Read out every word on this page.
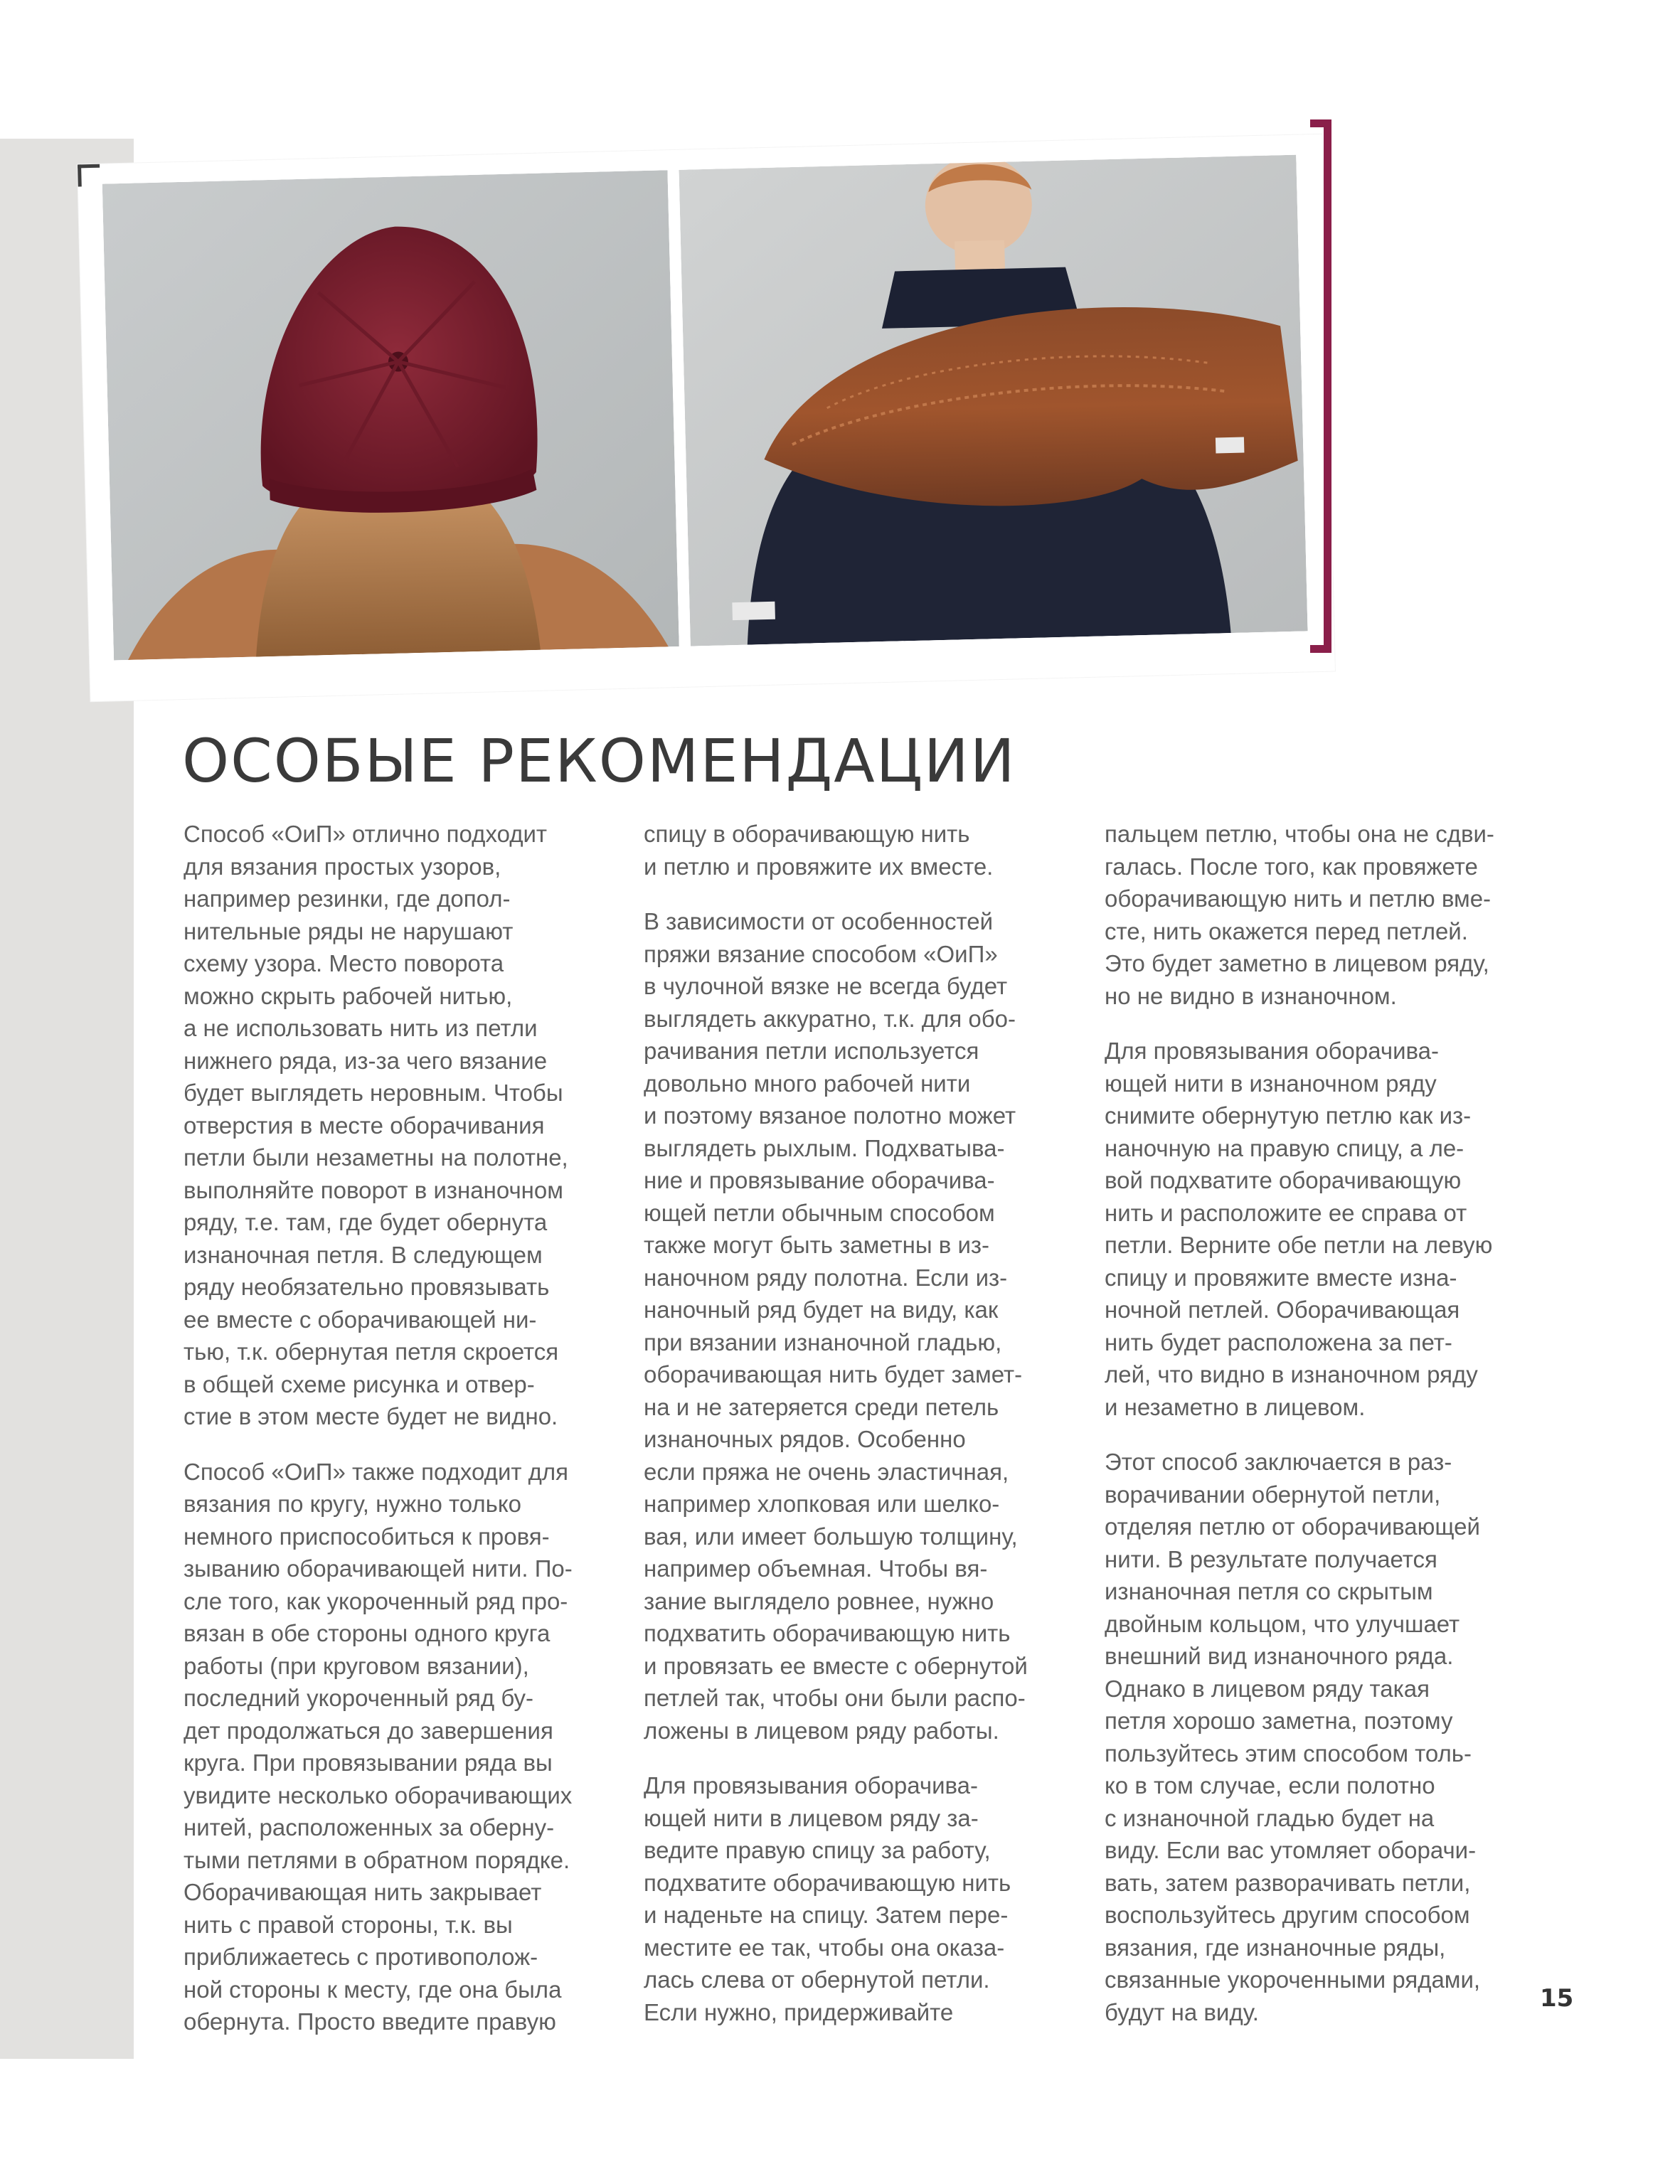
ОСОБЫЕ РЕКОМЕНДАЦИИ

Способ «ОиП» отлично подходит
для вязания простых узоров,
например резинки, где допол-
нительные ряды не нарушают
схему узора. Место поворота
можно скрыть рабочей нитью,
а не использовать нить из петли
нижнего ряда, из-за чего вязание
будет выглядеть неровным. Чтобы
отверстия в месте оборачивания
петли были незаметны на полотне,
выполняйте поворот в изнаночном
ряду, т.е. там, где будет обернута
изнаночная петля. В следующем
ряду необязательно провязывать
ее вместе с оборачивающей ни-
тью, т.к. обернутая петля скроется
в общей схеме рисунка и отвер-
стие в этом месте будет не видно.

Способ «ОиП» также подходит для
вязания по кругу, нужно только
немного приспособиться к провя-
зыванию оборачивающей нити. По-
сле того, как укороченный ряд про-
вязан в обе стороны одного круга
работы (при круговом вязании),
последний укороченный ряд бу-
дет продолжаться до завершения
круга. При провязывании ряда вы
увидите несколько оборачивающих
нитей, расположенных за оберну-
тыми петлями в обратном порядке.
Оборачивающая нить закрывает
нить с правой стороны, т.к. вы
приближаетесь с противополож-
ной стороны к месту, где она была
обернута. Просто введите правую

спицу в оборачивающую нить
и петлю и провяжите их вместе.

В зависимости от особенностей
пряжи вязание способом «ОиП»
в чулочной вязке не всегда будет
выглядеть аккуратно, т.к. для обо-
рачивания петли используется
довольно много рабочей нити
и поэтому вязаное полотно может
выглядеть рыхлым. Подхватыва-
ние и провязывание оборачива-
ющей петли обычным способом
также могут быть заметны в из-
наночном ряду полотна. Если из-
наночный ряд будет на виду, как
при вязании изнаночной гладью,
оборачивающая нить будет замет-
на и не затеряется среди петель
изнаночных рядов. Особенно
если пряжа не очень эластичная,
например хлопковая или шелко-
вая, или имеет большую толщину,
например объемная. Чтобы вя-
зание выглядело ровнее, нужно
подхватить оборачивающую нить
и провязать ее вместе с обернутой
петлей так, чтобы они были распо-
ложены в лицевом ряду работы.

Для провязывания оборачива-
ющей нити в лицевом ряду за-
ведите правую спицу за работу,
подхватите оборачивающую нить
и наденьте на спицу. Затем пере-
местите ее так, чтобы она оказа-
лась слева от обернутой петли.
Если нужно, придерживайте

пальцем петлю, чтобы она не сдви-
галась. После того, как провяжете
оборачивающую нить и петлю вме-
сте, нить окажется перед петлей.
Это будет заметно в лицевом ряду,
но не видно в изнаночном.

Для провязывания оборачива-
ющей нити в изнаночном ряду
снимите обернутую петлю как из-
наночную на правую спицу, а ле-
вой подхватите оборачивающую
нить и расположите ее справа от
петли. Верните обе петли на левую
спицу и провяжите вместе изна-
ночной петлей. Оборачивающая
нить будет расположена за пет-
лей, что видно в изнаночном ряду
и незаметно в лицевом.

Этот способ заключается в раз-
ворачивании обернутой петли,
отделяя петлю от оборачивающей
нити. В результате получается
изнаночная петля со скрытым
двойным кольцом, что улучшает
внешний вид изнаночного ряда.
Однако в лицевом ряду такая
петля хорошо заметна, поэтому
пользуйтесь этим способом толь-
ко в том случае, если полотно
с изнаночной гладью будет на
виду. Если вас утомляет оборачи-
вать, затем разворачивать петли,
воспользуйтесь другим способом
вязания, где изнаночные ряды,
связанные укороченными рядами,
будут на виду.	15
